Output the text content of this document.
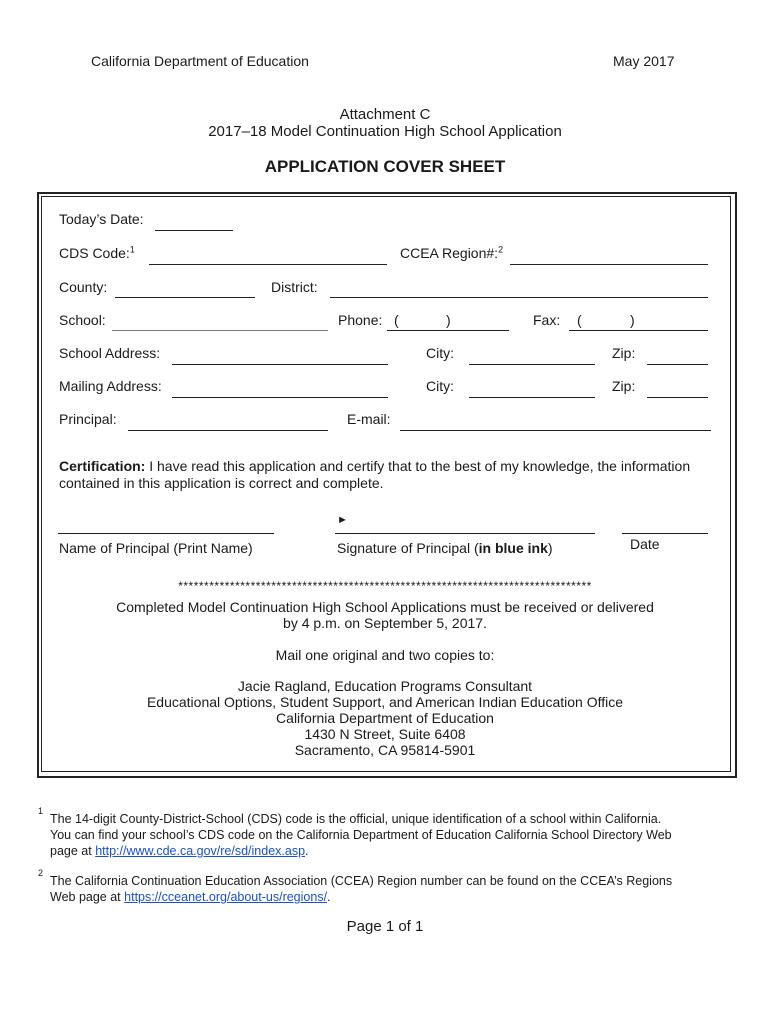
California Department of Education	May 2017
Attachment C
2017–18 Model Continuation High School Application
APPLICATION COVER SHEET
Today’s Date:
CDS Code:$^1$	CCEA Region#:$^2$
County:	District:
School:	Phone: (	)	Fax: (	)
School Address:	City:	Zip:
Mailing Address:	City:	Zip:
Principal:	E-mail:
Certification: I have read this application and certify that to the best of my knowledge, the information
contained in this application is correct and complete.
►
Name of Principal (Print Name)	Signature of Principal (in blue ink)	Date
********************************************************************************
Completed Model Continuation High School Applications must be received or delivered
by 4 p.m. on September 5, 2017.
Mail one original and two copies to:
Jacie Ragland, Education Programs Consultant
Educational Options, Student Support, and American Indian Education Office
California Department of Education
1430 N Street, Suite 6408
Sacramento, CA 95814-5901
1
The 14-digit County-District-School (CDS) code is the official, unique identification of a school within California.
You can find your school’s CDS code on the California Department of Education California School Directory Web
page at http://www.cde.ca.gov/re/sd/index.asp.
2
The California Continuation Education Association (CCEA) Region number can be found on the CCEA’s Regions
Web page at https://cceanet.org/about-us/regions/.
Page 1 of 1
